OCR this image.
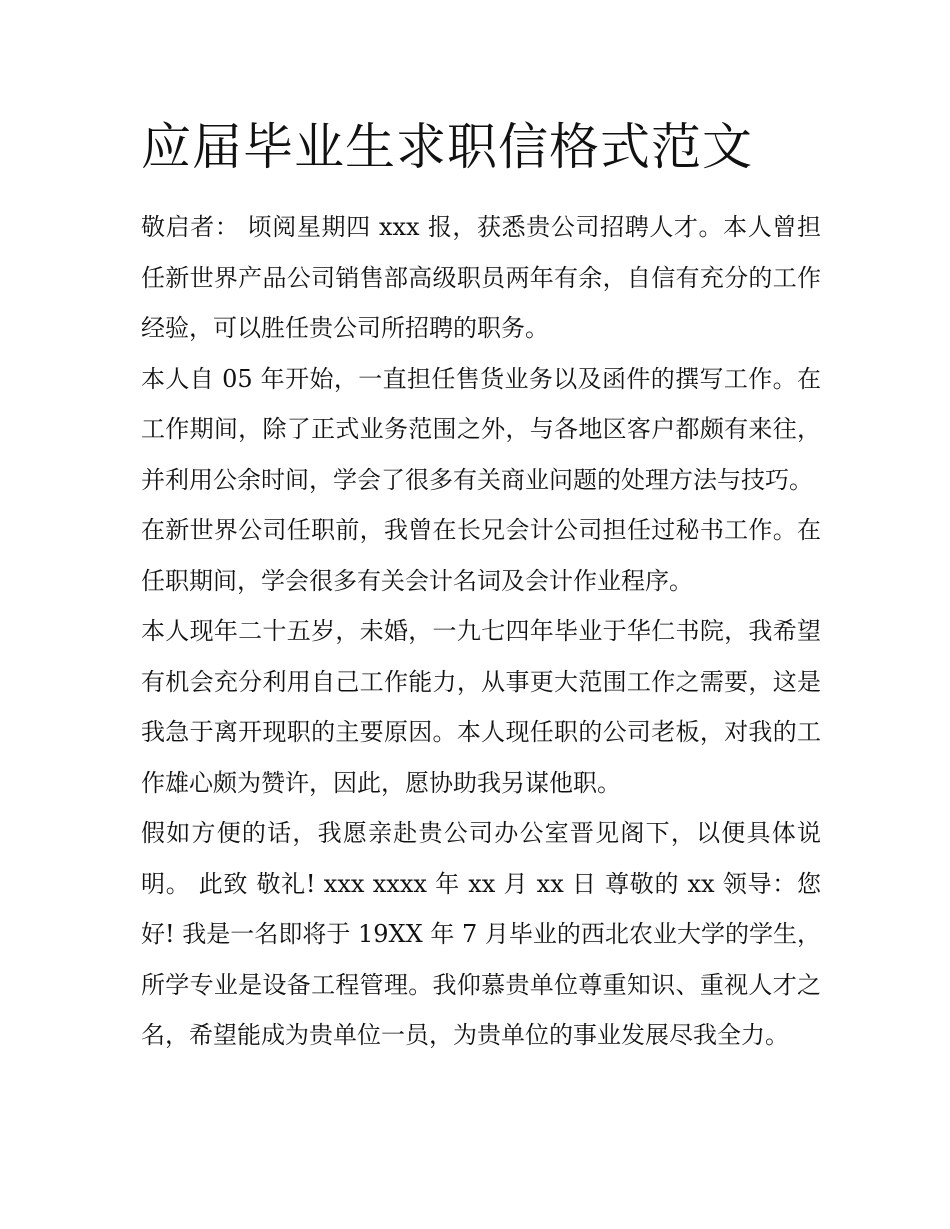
应届毕业生求职信格式范文

敬启者： 顷阅星期四 xxx 报，获悉贵公司招聘人才。本人曾担任新世界产品公司销售部高级职员两年有余，自信有充分的工作经验，可以胜任贵公司所招聘的职务。

本人自 05 年开始，一直担任售货业务以及函件的撰写工作。在工作期间，除了正式业务范围之外，与各地区客户都颇有来往，并利用公余时间，学会了很多有关商业问题的处理方法与技巧。

在新世界公司任职前，我曾在长兄会计公司担任过秘书工作。在任职期间，学会很多有关会计名词及会计作业程序。

本人现年二十五岁，未婚，一九七四年毕业于华仁书院，我希望有机会充分利用自己工作能力，从事更大范围工作之需要，这是我急于离开现职的主要原因。本人现任职的公司老板，对我的工作雄心颇为赞许，因此，愿协助我另谋他职。

假如方便的话，我愿亲赴贵公司办公室晋见阁下，以便具体说明。 此致 敬礼! xxx xxxx 年 xx 月 xx 日 尊敬的 xx 领导：您好! 我是一名即将于 19XX 年 7 月毕业的西北农业大学的学生，所学专业是设备工程管理。我仰慕贵单位尊重知识、重视人才之名，希望能成为贵单位一员，为贵单位的事业发展尽我全力。
